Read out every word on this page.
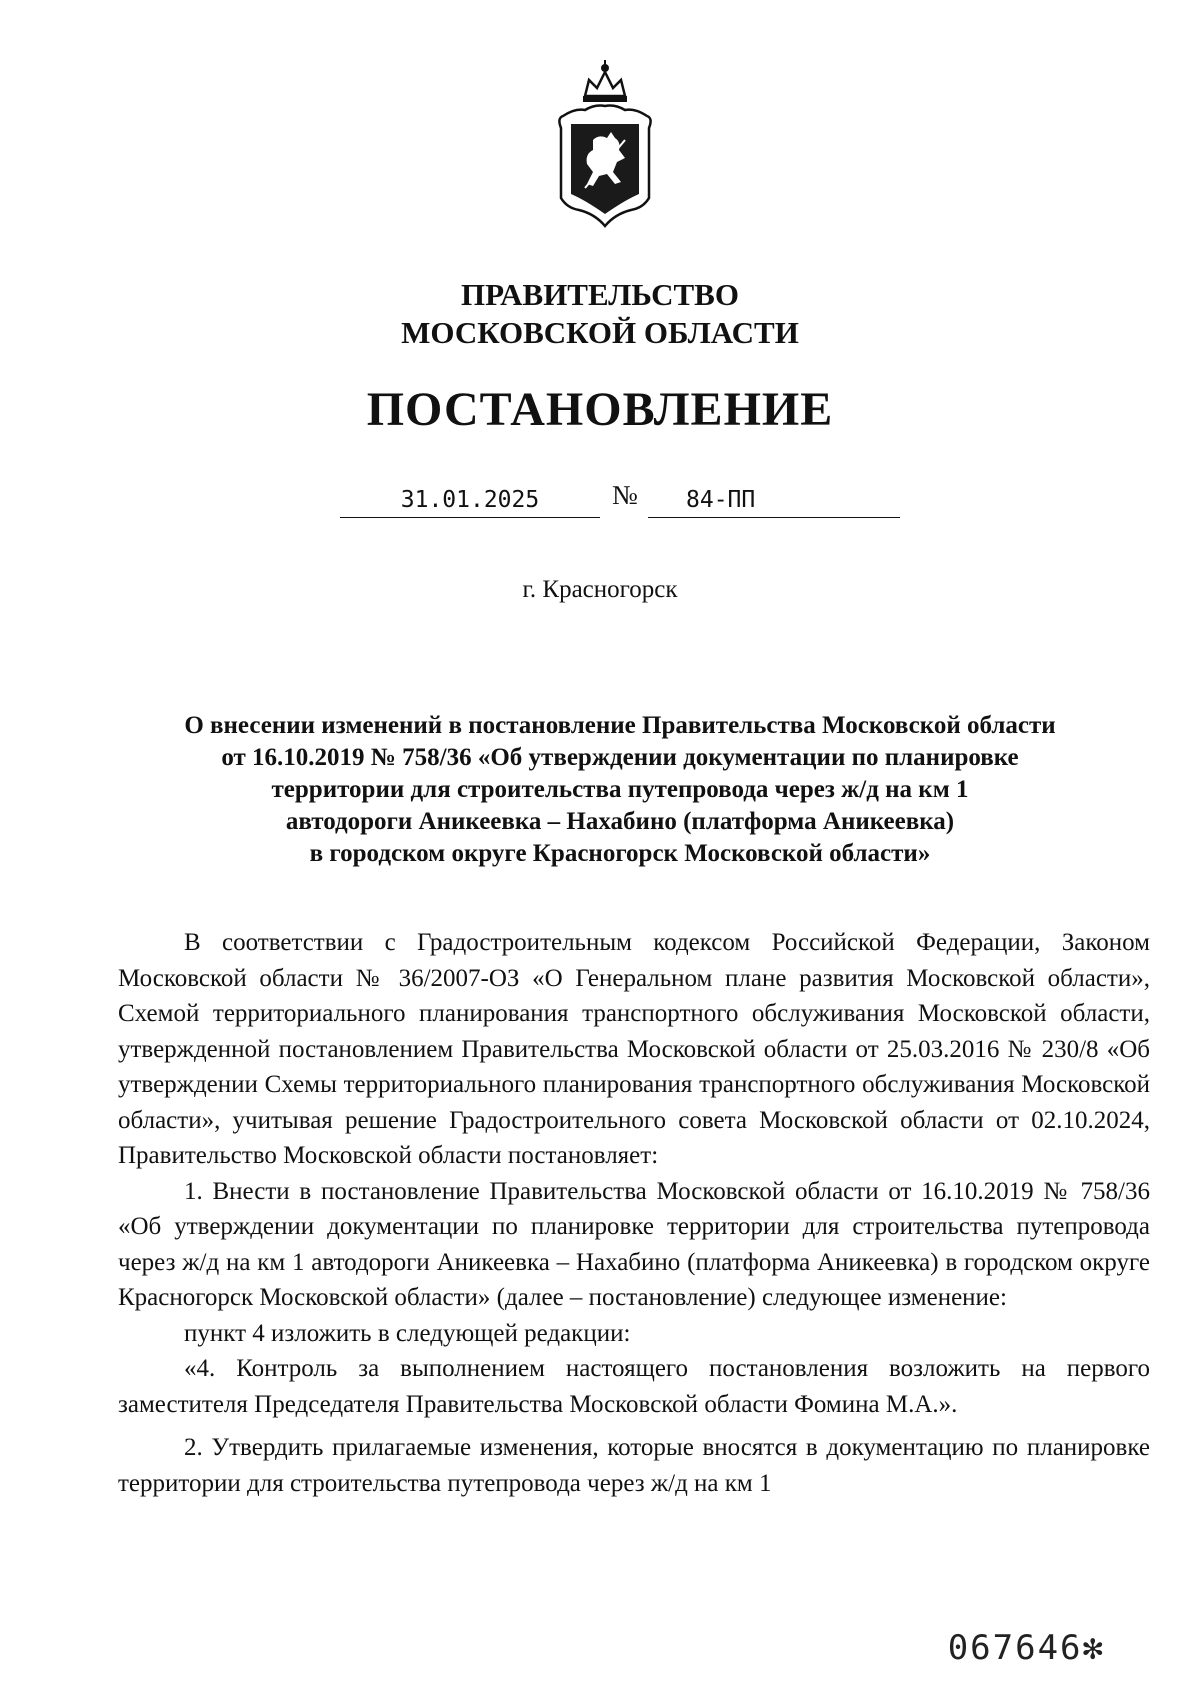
ПРАВИТЕЛЬСТВО
МОСКОВСКОЙ ОБЛАСТИ
ПОСТАНОВЛЕНИЕ
31.01.2025	№	84-ПП
г. Красногорск
О внесении изменений в постановление Правительства Московской области
от 16.10.2019 № 758/36 «Об утверждении документации по планировке
территории для строительства путепровода через ж/д на км 1
автодороги Аникеевка – Нахабино (платформа Аникеевка)
в городском округе Красногорск Московской области»

В соответствии с Градостроительным кодексом Российской Федерации, Законом Московской области № 36/2007-ОЗ «О Генеральном плане развития Московской области», Схемой территориального планирования транспортного обслуживания Московской области, утвержденной постановлением Правительства Московской области от 25.03.2016 № 230/8 «Об утверждении Схемы территориального планирования транспортного обслуживания Московской области», учитывая решение Градостроительного совета Московской области от 02.10.2024, Правительство Московской области постановляет:

1. Внести в постановление Правительства Московской области от 16.10.2019 № 758/36 «Об утверждении документации по планировке территории для строительства путепровода через ж/д на км 1 автодороги Аникеевка – Нахабино (платформа Аникеевка) в городском округе Красногорск Московской области» (далее – постановление) следующее изменение:

пункт 4 изложить в следующей редакции:

«4. Контроль за выполнением настоящего постановления возложить на первого заместителя Председателя Правительства Московской области Фомина М.А.».

2. Утвердить прилагаемые изменения, которые вносятся в документацию по планировке территории для строительства путепровода через ж/д на км 1

067646✻
